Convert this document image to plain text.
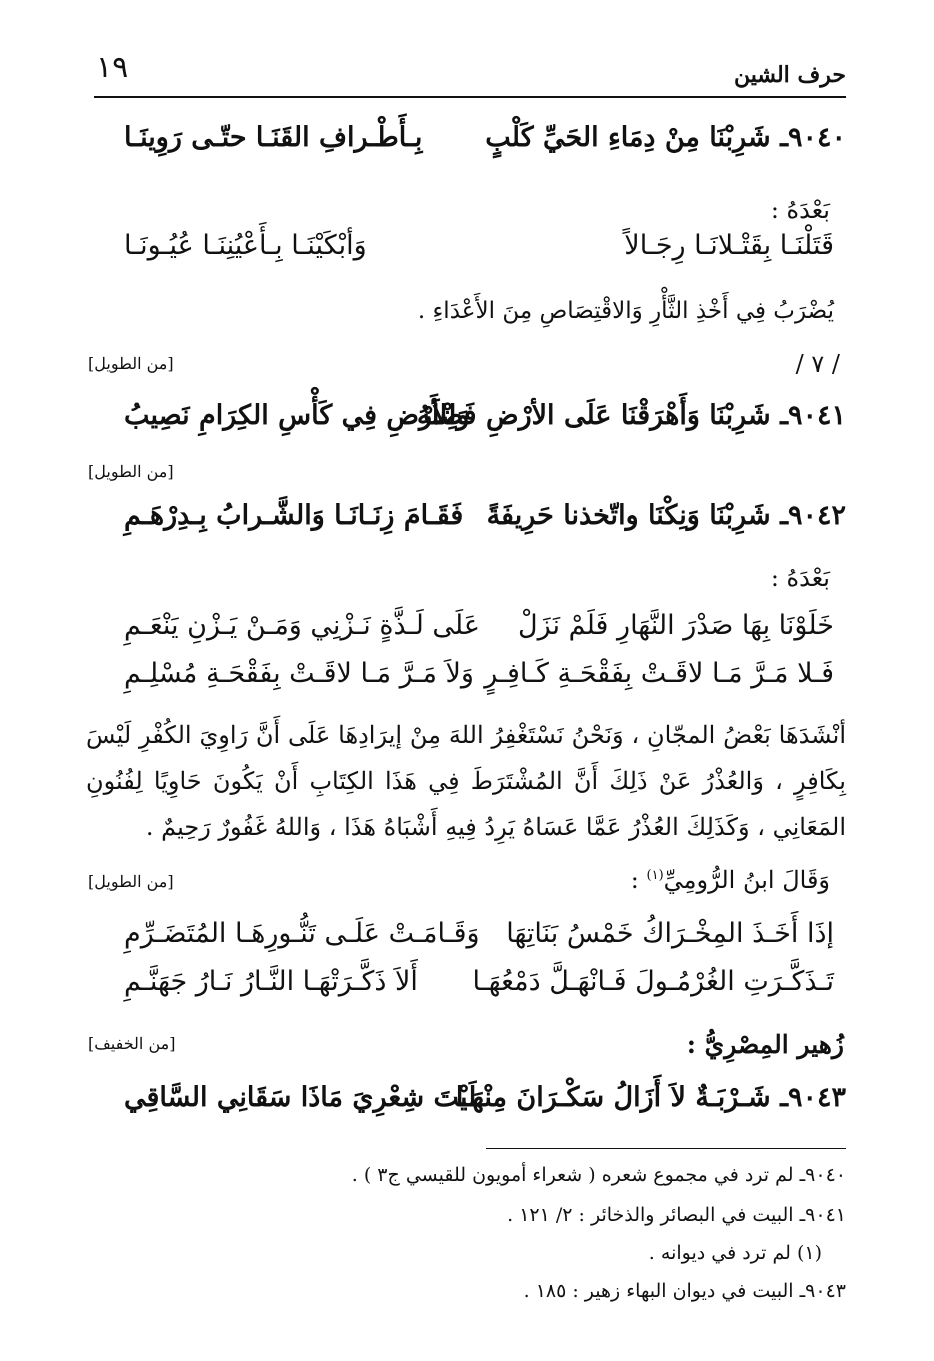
١٩	حرف الشين
٩٠٤٠ـ شَرِبْنَا مِنْ دِمَاءِ الحَيِّ كَلْبٍ
بِـأَطْـرافِ القَنَـا حتّـى رَوِينَـا
بَعْدَهُ :
قَتَلْنَـا بِقَتْـلانَـا رِجَـالاً
وَأبْكَيْنَـا بِـأَعْيُنِنَـا عُيُـونَـا
يُضْرَبُ فِي أَخْذِ الثَّأْرِ وَالاقْتِصَاصِ مِنَ الأَعْدَاءِ .
/ ٧ /
[من الطويل]
٩٠٤١ـ شَرِبْنَا وَأَهْرَقْنَا عَلَى الأرْضِ فَضْلَهُ
وَلِلأَرْضِ فِي كَأْسِ الكِرَامِ نَصِيبُ
[من الطويل]
٩٠٤٢ـ شَرِبْنَا وَنِكْنَا واتّخذنا حَرِيفَةً
فَقَـامَ زِنَـانَـا وَالشَّـرابُ بِـدِرْهَـمِ
بَعْدَهُ :
خَلَوْنَا بِهَا صَدْرَ النَّهَارِ فَلَمْ نَزَلْ
عَلَى لَـذَّةٍ نَـزْنِي وَمَـنْ يَـزْنِ يَنْعَـمِ
فَـلا مَـرَّ مَـا لاقَـتْ بِفَقْحَـةِ كَـافِـرٍ
وَلاَ مَـرَّ مَـا لاقَـتْ بِفَقْحَـةِ مُسْلِـمِ
أنْشَدَهَا بَعْضُ المجّانِ ، وَنَحْنُ نَسْتَغْفِرُ اللهَ مِنْ إيرَادِهَا عَلَى أَنَّ رَاوِيَ الكُفْرِ لَيْسَ بِكَافِرٍ ، وَالعُذْرُ عَنْ ذَلِكَ أَنَّ المُشْتَرَطَ فِي هَذَا الكِتَابِ أَنْ يَكُونَ حَاوِيًا لِفُنُونِ المَعَانِي ، وَكَذَلِكَ العُذْرُ عَمَّا عَسَاهُ يَرِدُ فِيهِ أَشْبَاهُ هَذَا ، وَاللهُ غَفُورٌ رَحِيمٌ .
وَقَالَ ابنُ الرُّومِيِّ$^{(١)}$ :
[من الطويل]
إذَا أَخَـذَ المِخْـرَاكُ خَمْسُ بَنَاتِهَا
وَقَـامَـتْ عَلَـى تَنُّـورِهَـا المُتَضَـرِّمِ
تَـذَكَّـرَتِ الغُرْمُـولَ فَـانْهَـلَّ دَمْعُهَـا
أَلاَ ذَكَّـرَتْهَـا النَّـارُ نَـارُ جَهَنَّـمِ
زُهير المِصْرِيُّ :
[من الخفيف]
٩٠٤٣ـ شَـرْبَـةٌ لاَ أَزَالُ سَكْـرَانَ مِنْهَـا
لَيْتَ شِعْرِيَ مَاذَا سَقَانِي السَّاقِي
٩٠٤٠ـ لم ترد في مجموع شعره ( شعراء أمويون للقيسي ج٣ ) .
٩٠٤١ـ البيت في البصائر والذخائر : ٢/ ١٢١ .
(١) لم ترد في ديوانه .
٩٠٤٣ـ البيت في ديوان البهاء زهير : ١٨٥ .
